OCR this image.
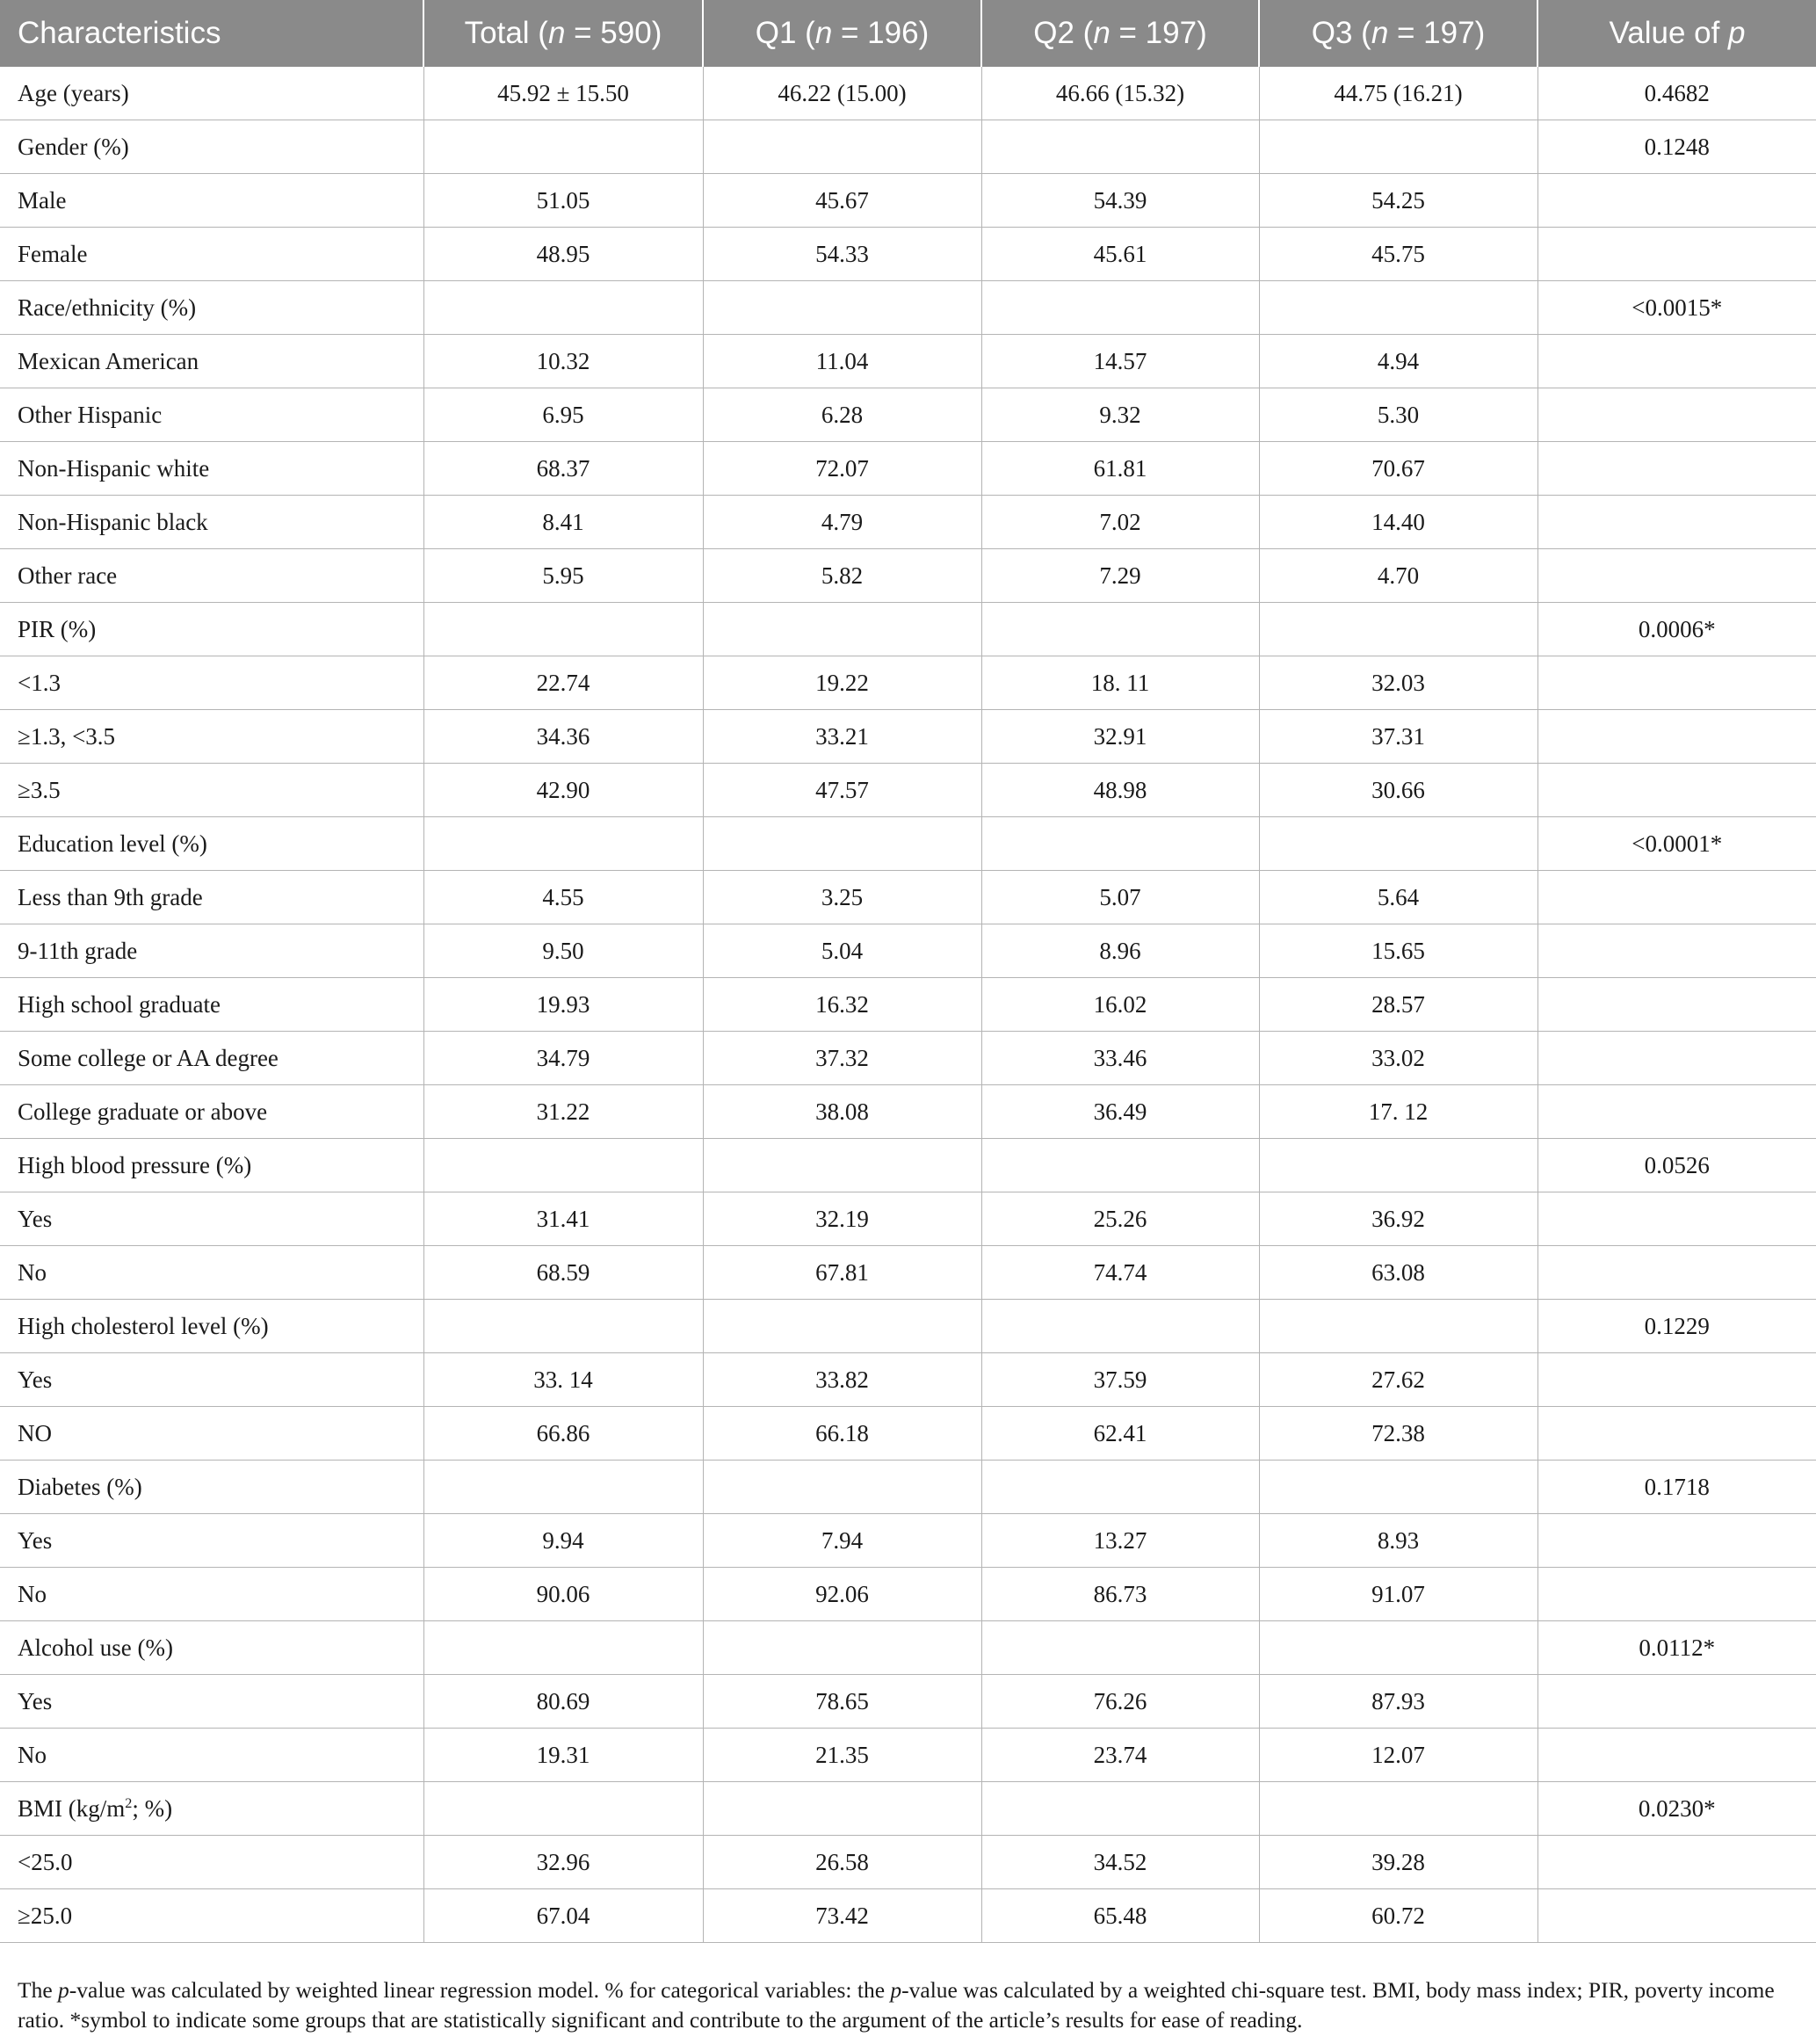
Characteristics	Total (n = 590)	Q1 (n = 196)	Q2 (n = 197)	Q3 (n = 197)	Value of p
Age (years)	45.92 ± 15.50	46.22 (15.00)	46.66 (15.32)	44.75 (16.21)	0.4682
Gender (%)					0.1248
Male	51.05	45.67	54.39	54.25	
Female	48.95	54.33	45.61	45.75	
Race/ethnicity (%)					<0.0015*
Mexican American	10.32	11.04	14.57	4.94	
Other Hispanic	6.95	6.28	9.32	5.30	
Non-Hispanic white	68.37	72.07	61.81	70.67	
Non-Hispanic black	8.41	4.79	7.02	14.40	
Other race	5.95	5.82	7.29	4.70	
PIR (%)					0.0006*
<1.3	22.74	19.22	18. 11	32.03	
≥1.3, <3.5	34.36	33.21	32.91	37.31	
≥3.5	42.90	47.57	48.98	30.66	
Education level (%)					<0.0001*
Less than 9th grade	4.55	3.25	5.07	5.64	
9-11th grade	9.50	5.04	8.96	15.65	
High school graduate	19.93	16.32	16.02	28.57	
Some college or AA degree	34.79	37.32	33.46	33.02	
College graduate or above	31.22	38.08	36.49	17. 12	
High blood pressure (%)					0.0526
Yes	31.41	32.19	25.26	36.92	
No	68.59	67.81	74.74	63.08	
High cholesterol level (%)					0.1229
Yes	33. 14	33.82	37.59	27.62	
NO	66.86	66.18	62.41	72.38	
Diabetes (%)					0.1718
Yes	9.94	7.94	13.27	8.93	
No	90.06	92.06	86.73	91.07	
Alcohol use (%)					0.0112*
Yes	80.69	78.65	76.26	87.93	
No	19.31	21.35	23.74	12.07	
BMI ($kg/m^2$; %)					0.0230*
<25.0	32.96	26.58	34.52	39.28	
≥25.0	67.04	73.42	65.48	60.72	
The p-value was calculated by weighted linear regression model. % for categorical variables: the p-value was calculated by a weighted chi-square test. BMI, body mass index; PIR, poverty income ratio. *symbol to indicate some groups that are statistically significant and contribute to the argument of the article’s results for ease of reading.
